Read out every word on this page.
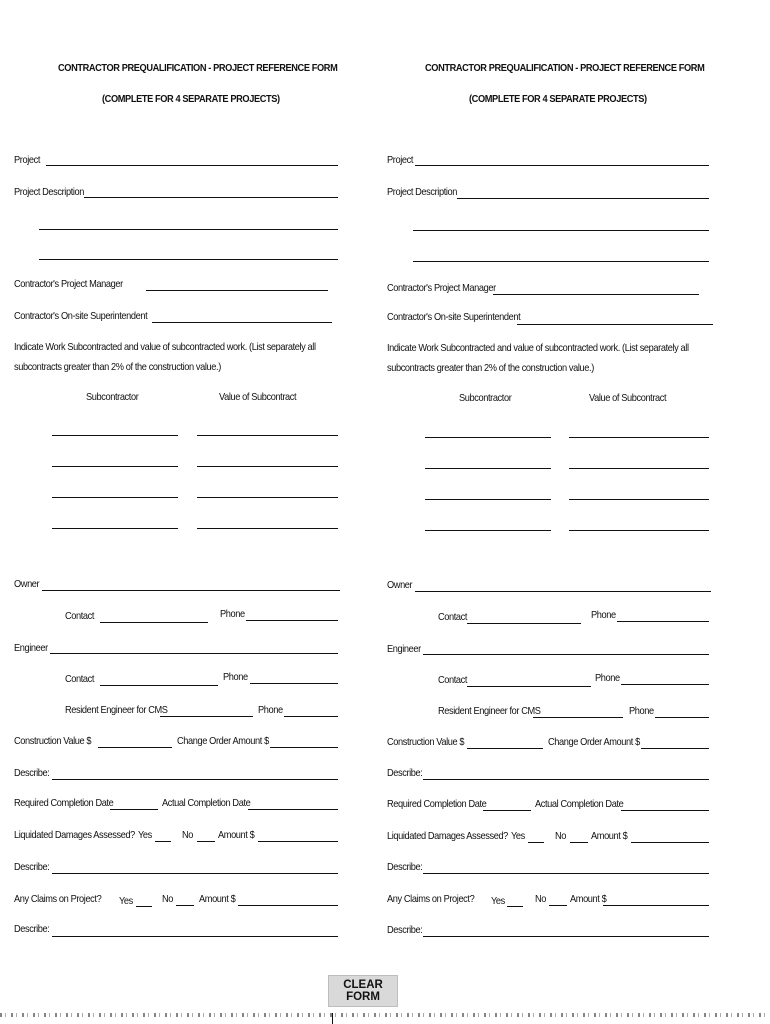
CONTRACTOR PREQUALIFICATION - PROJECT REFERENCE FORM
(COMPLETE FOR 4 SEPARATE PROJECTS)
Project
Project Description
Contractor's Project Manager
Contractor's On-site Superintendent
Indicate Work Subcontracted and value of subcontracted work. (List separately all subcontracts greater than 2% of the construction value.)
Subcontractor	Value of Subcontract
Owner
Contact	Phone
Engineer
Contact	Phone
Resident Engineer for CMS	Phone
Construction Value $	Change Order Amount $
Describe:
Required Completion Date	Actual Completion Date
Liquidated Damages Assessed? Yes	No Amount $
Describe:
Any Claims on Project? Yes	No Amount $
Describe:
CONTRACTOR PREQUALIFICATION - PROJECT REFERENCE FORM
(COMPLETE FOR 4 SEPARATE PROJECTS)
Project
Project Description
Contractor's Project Manager
Contractor's On-site Superintendent
Indicate Work Subcontracted and value of subcontracted work. (List separately all subcontracts greater than 2% of the construction value.)
Subcontractor	Value of Subcontract
Owner
Contact	Phone
Engineer
Contact	Phone
Resident Engineer for CMS	Phone
Construction Value $	Change Order Amount $
Describe:
Required Completion Date	Actual Completion Date
Liquidated Damages Assessed? Yes	No Amount $
Describe:
Any Claims on Project? Yes	No Amount $
Describe:
CLEAR FORM
